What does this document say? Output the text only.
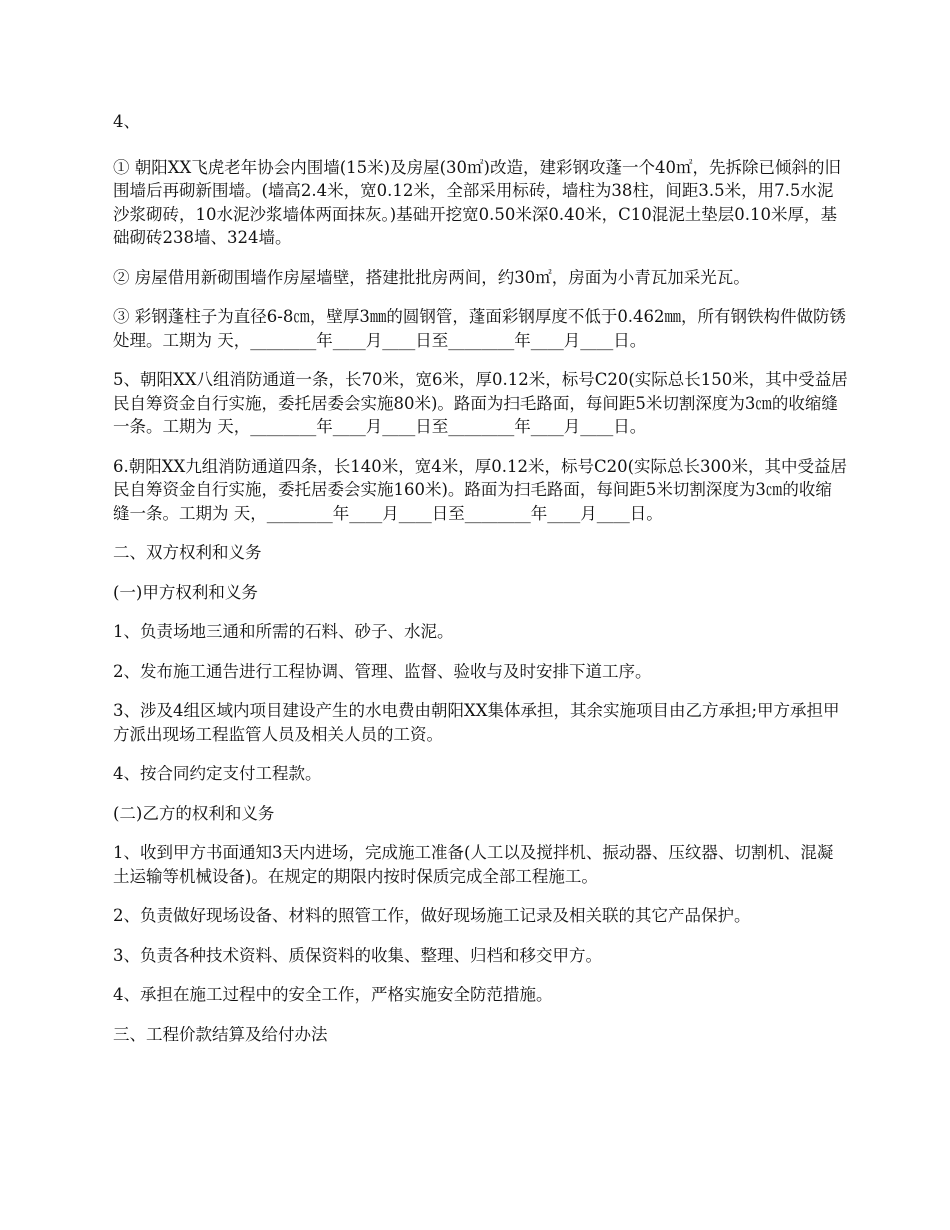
4、

① 朝阳XX飞虎老年协会内围墙(15米)及房屋(30㎡)改造，建彩钢攻蓬一个40㎡，先拆除已倾斜的旧围墙后再砌新围墙。(墙高2.4米，宽0.12米，全部采用标砖，墙柱为38柱，间距3.5米，用7.5水泥沙浆砌砖，10水泥沙浆墙体两面抹灰。)基础开挖宽0.50米深0.40米，C10混泥土垫层0.10米厚，基础砌砖238墙、324墙。

② 房屋借用新砌围墙作房屋墙壁，搭建批批房两间，约30㎡，房面为小青瓦加采光瓦。

③ 彩钢蓬柱子为直径6-8㎝，壁厚3㎜的圆钢管，蓬面彩钢厚度不低于0.462㎜，所有钢铁构件做防锈处理。工期为 天，________年____月____日至________年____月____日。

5、朝阳XX八组消防通道一条，长70米，宽6米，厚0.12米，标号C20(实际总长150米，其中受益居民自筹资金自行实施，委托居委会实施80米)。路面为扫毛路面，每间距5米切割深度为3㎝的收缩缝一条。工期为 天，________年____月____日至________年____月____日。

6.朝阳XX九组消防通道四条，长140米，宽4米，厚0.12米，标号C20(实际总长300米，其中受益居民自筹资金自行实施，委托居委会实施160米)。路面为扫毛路面，每间距5米切割深度为3㎝的收缩缝一条。工期为 天，________年____月____日至________年____月____日。

二、双方权利和义务

(一)甲方权利和义务

1、负责场地三通和所需的石料、砂子、水泥。

2、发布施工通告进行工程协调、管理、监督、验收与及时安排下道工序。

3、涉及4组区域内项目建设产生的水电费由朝阳XX集体承担，其余实施项目由乙方承担;甲方承担甲方派出现场工程监管人员及相关人员的工资。

4、按合同约定支付工程款。

(二)乙方的权利和义务

1、收到甲方书面通知3天内进场，完成施工准备(人工以及搅拌机、振动器、压纹器、切割机、混凝土运输等机械设备)。在规定的期限内按时保质完成全部工程施工。

2、负责做好现场设备、材料的照管工作，做好现场施工记录及相关联的其它产品保护。

3、负责各种技术资料、质保资料的收集、整理、归档和移交甲方。

4、承担在施工过程中的安全工作，严格实施安全防范措施。

三、工程价款结算及给付办法
